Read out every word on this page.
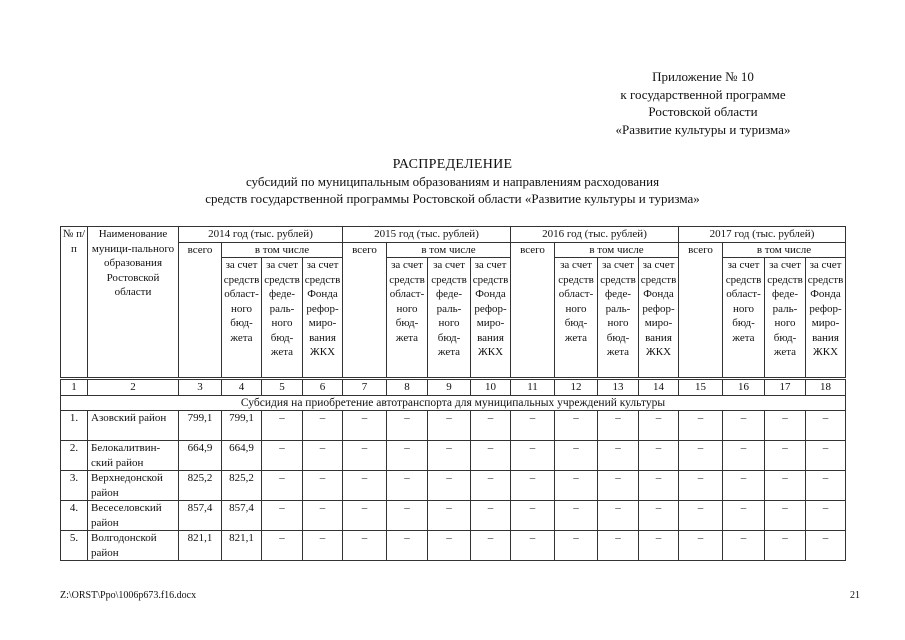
Приложение № 10
к государственной программе
Ростовской области
«Развитие культуры и туризма»
РАСПРЕДЕЛЕНИЕ
субсидий по муниципальным образованиям и направлениям расходования
средств государственной программы Ростовской области «Развитие культуры и туризма»
№ п/п	Наименование муници-пального образования Ростовской области	2014 год (тыс. рублей)				2015 год (тыс. рублей)				2016 год (тыс. рублей)				2017 год (тыс. рублей)			
		всего	в том числе			всего	в том числе			всего	в том числе			всего	в том числе		
			за счет средств област-ного бюд-жета	за счет средств феде-раль-ного бюд-жета	за счет средств Фонда рефор-миро-вания ЖКХ		за счет средств област-ного бюд-жета	за счет средств феде-раль-ного бюд-жета	за счет средств Фонда рефор-миро-вания ЖКХ		за счет средств област-ного бюд-жета	за счет средств феде-раль-ного бюд-жета	за счет средств Фонда рефор-миро-вания ЖКХ		за счет средств област-ного бюд-жета	за счет средств феде-раль-ного бюд-жета	за счет средств Фонда рефор-миро-вания ЖКХ

1	2	3	4	5	6	7	8	9	10	11	12	13	14	15	16	17	18
Субсидия на приобретение автотранспорта для муниципальных учреждений культуры																	
1.	Азовский район	799,1	799,1	–	–	–	–	–	–	–	–	–	–	–	–	–	–
2.	Белокалитвин-ский район	664,9	664,9	–	–	–	–	–	–	–	–	–	–	–	–	–	–
3.	Верхнедонской район	825,2	825,2	–	–	–	–	–	–	–	–	–	–	–	–	–	–
4.	Весеселовский район	857,4	857,4	–	–	–	–	–	–	–	–	–	–	–	–	–	–
5.	Волгодонской район	821,1	821,1	–	–	–	–	–	–	–	–	–	–	–	–	–	–
Z:\ORST\Ppo\1006p673.f16.docx	21
